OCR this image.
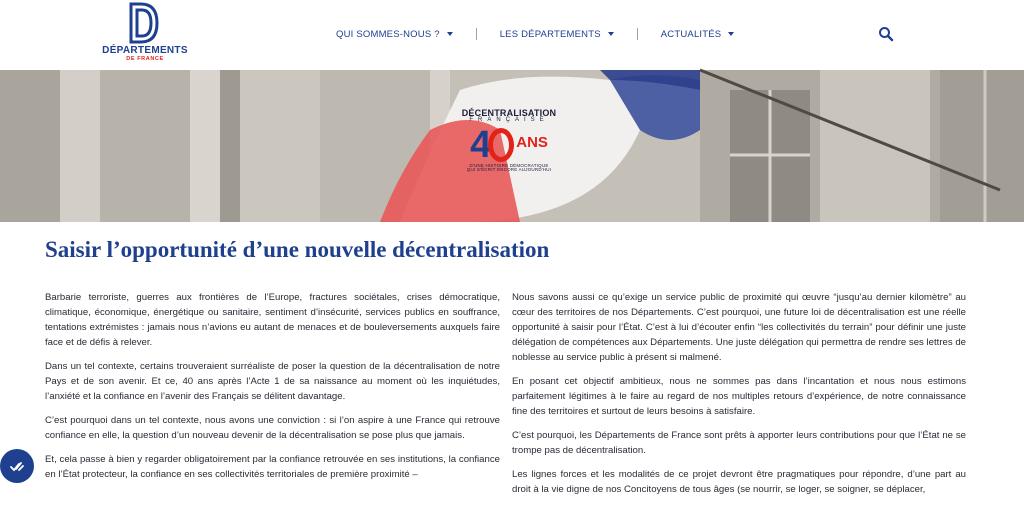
DÉPARTEMENTS
DE FRANCE
QUI SOMMES-NOUS ?	LES DÉPARTEMENTS	ACTUALITÉS
DÉCENTRALISATION
FRANÇAISE
4 ANS
D'UNE HISTOIRE DÉMOCRATIQUE
QUI S'ÉCRIT ENCORE AUJOURD'HUI
Saisir l’opportunité d’une nouvelle décentralisation

Barbarie terroriste, guerres aux frontières de l’Europe, fractures sociétales, crises démocratique, climatique, économique, énergétique ou sanitaire, sentiment d’insécurité, services publics en souffrance, tentations extrémistes : jamais nous n’avions eu autant de menaces et de bouleversements auxquels faire face et de défis à relever.

Dans un tel contexte, certains trouveraient surréaliste de poser la question de la décentralisation de notre Pays et de son avenir. Et ce, 40 ans après l’Acte 1 de sa naissance au moment où les inquiétudes, l’anxiété et la confiance en l’avenir des Français se délitent davantage.

C’est pourquoi dans un tel contexte, nous avons une conviction : si l’on aspire à une France qui retrouve confiance en elle, la question d’un nouveau devenir de la décentralisation se pose plus que jamais.

Et, cela passe à bien y regarder obligatoirement par la confiance retrouvée en ses institutions, la confiance en l’État protecteur, la confiance en ses collectivités territoriales de première proximité –

Nous savons aussi ce qu’exige un service public de proximité qui œuvre “jusqu’au dernier kilomètre” au cœur des territoires de nos Départements. C’est pourquoi, une future loi de décentralisation est une réelle opportunité à saisir pour l’État. C’est à lui d’écouter enfin “les collectivités du terrain” pour définir une juste délégation de compétences aux Départements. Une juste délégation qui permettra de rendre ses lettres de noblesse au service public à présent si malmené.

En posant cet objectif ambitieux, nous ne sommes pas dans l’incantation et nous nous estimons parfaitement légitimes à le faire au regard de nos multiples retours d’expérience, de notre connaissance fine des territoires et surtout de leurs besoins à satisfaire.

C’est pourquoi, les Départements de France sont prêts à apporter leurs contributions pour que l’État ne se trompe pas de décentralisation.

Les lignes forces et les modalités de ce projet devront être pragmatiques pour répondre, d’une part au droit à la vie digne de nos Concitoyens de tous âges (se nourrir, se loger, se soigner, se déplacer,
